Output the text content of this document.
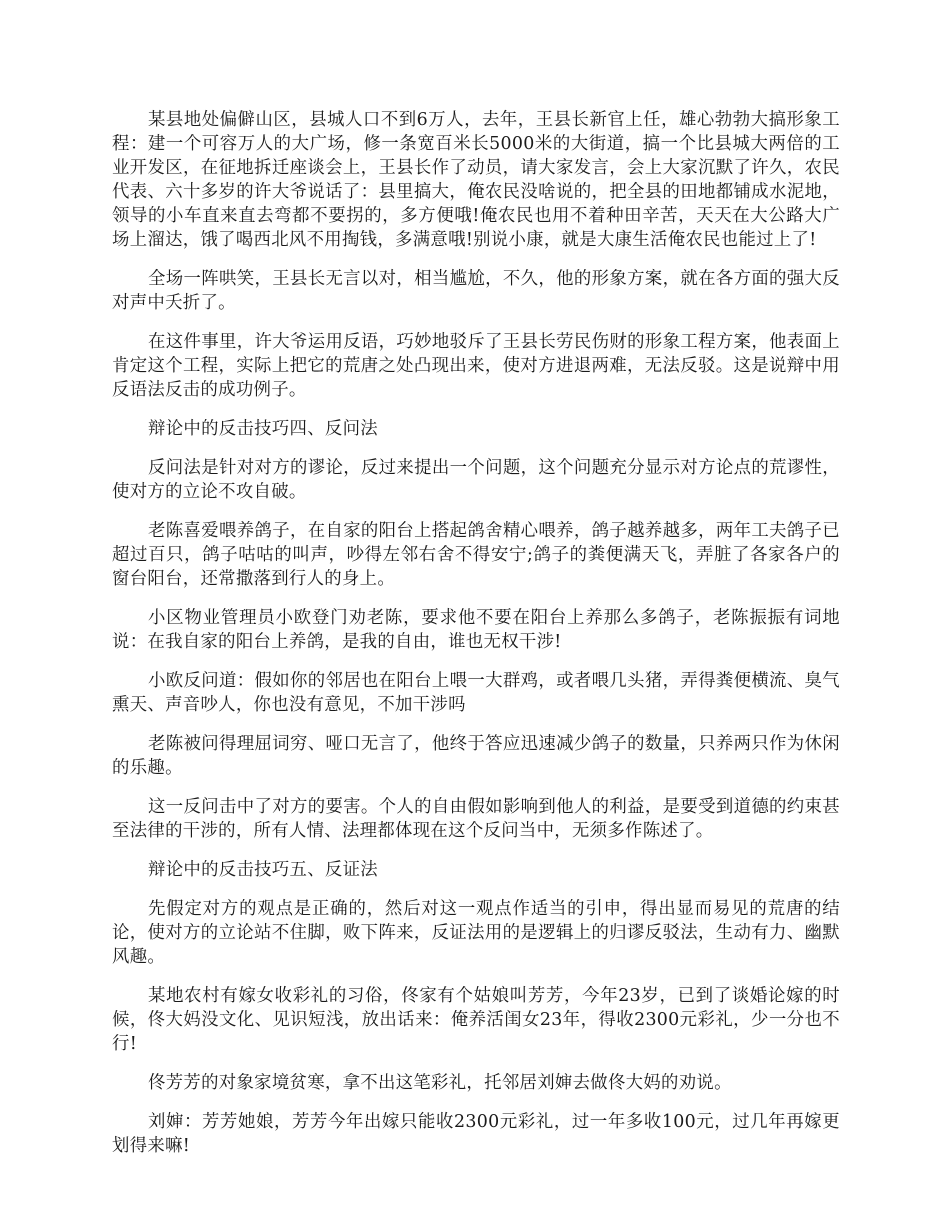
某县地处偏僻山区，县城人口不到6万人，去年，王县长新官上任，雄心勃勃大搞形象工程：建一个可容万人的大广场，修一条宽百米长5000米的大街道，搞一个比县城大两倍的工业开发区，在征地拆迁座谈会上，王县长作了动员，请大家发言，会上大家沉默了许久，农民代表、六十多岁的许大爷说话了：县里搞大，俺农民没啥说的，把全县的田地都铺成水泥地，领导的小车直来直去弯都不要拐的，多方便哦!俺农民也用不着种田辛苦，天天在大公路大广场上溜达，饿了喝西北风不用掏钱，多满意哦!别说小康，就是大康生活俺农民也能过上了!

全场一阵哄笑，王县长无言以对，相当尴尬，不久，他的形象方案，就在各方面的强大反对声中夭折了。

在这件事里，许大爷运用反语，巧妙地驳斥了王县长劳民伤财的形象工程方案，他表面上肯定这个工程，实际上把它的荒唐之处凸现出来，使对方进退两难，无法反驳。这是说辩中用反语法反击的成功例子。

辩论中的反击技巧四、反问法

反问法是针对对方的谬论，反过来提出一个问题，这个问题充分显示对方论点的荒谬性，使对方的立论不攻自破。

老陈喜爱喂养鸽子，在自家的阳台上搭起鸽舍精心喂养，鸽子越养越多，两年工夫鸽子已超过百只，鸽子咕咕的叫声，吵得左邻右舍不得安宁;鸽子的粪便满天飞，弄脏了各家各户的窗台阳台，还常撒落到行人的身上。

小区物业管理员小欧登门劝老陈，要求他不要在阳台上养那么多鸽子，老陈振振有词地说：在我自家的阳台上养鸽，是我的自由，谁也无权干涉!

小欧反问道：假如你的邻居也在阳台上喂一大群鸡，或者喂几头猪，弄得粪便横流、臭气熏天、声音吵人，你也没有意见，不加干涉吗

老陈被问得理屈词穷、哑口无言了，他终于答应迅速减少鸽子的数量，只养两只作为休闲的乐趣。

这一反问击中了对方的要害。个人的自由假如影响到他人的利益，是要受到道德的约束甚至法律的干涉的，所有人情、法理都体现在这个反问当中，无须多作陈述了。

辩论中的反击技巧五、反证法

先假定对方的观点是正确的，然后对这一观点作适当的引申，得出显而易见的荒唐的结论，使对方的立论站不住脚，败下阵来，反证法用的是逻辑上的归谬反驳法，生动有力、幽默风趣。

某地农村有嫁女收彩礼的习俗，佟家有个姑娘叫芳芳，今年23岁，已到了谈婚论嫁的时候，佟大妈没文化、见识短浅，放出话来：俺养活闺女23年，得收2300元彩礼，少一分也不行!

佟芳芳的对象家境贫寒，拿不出这笔彩礼，托邻居刘婶去做佟大妈的劝说。

刘婶：芳芳她娘，芳芳今年出嫁只能收2300元彩礼，过一年多收100元，过几年再嫁更划得来嘛!
